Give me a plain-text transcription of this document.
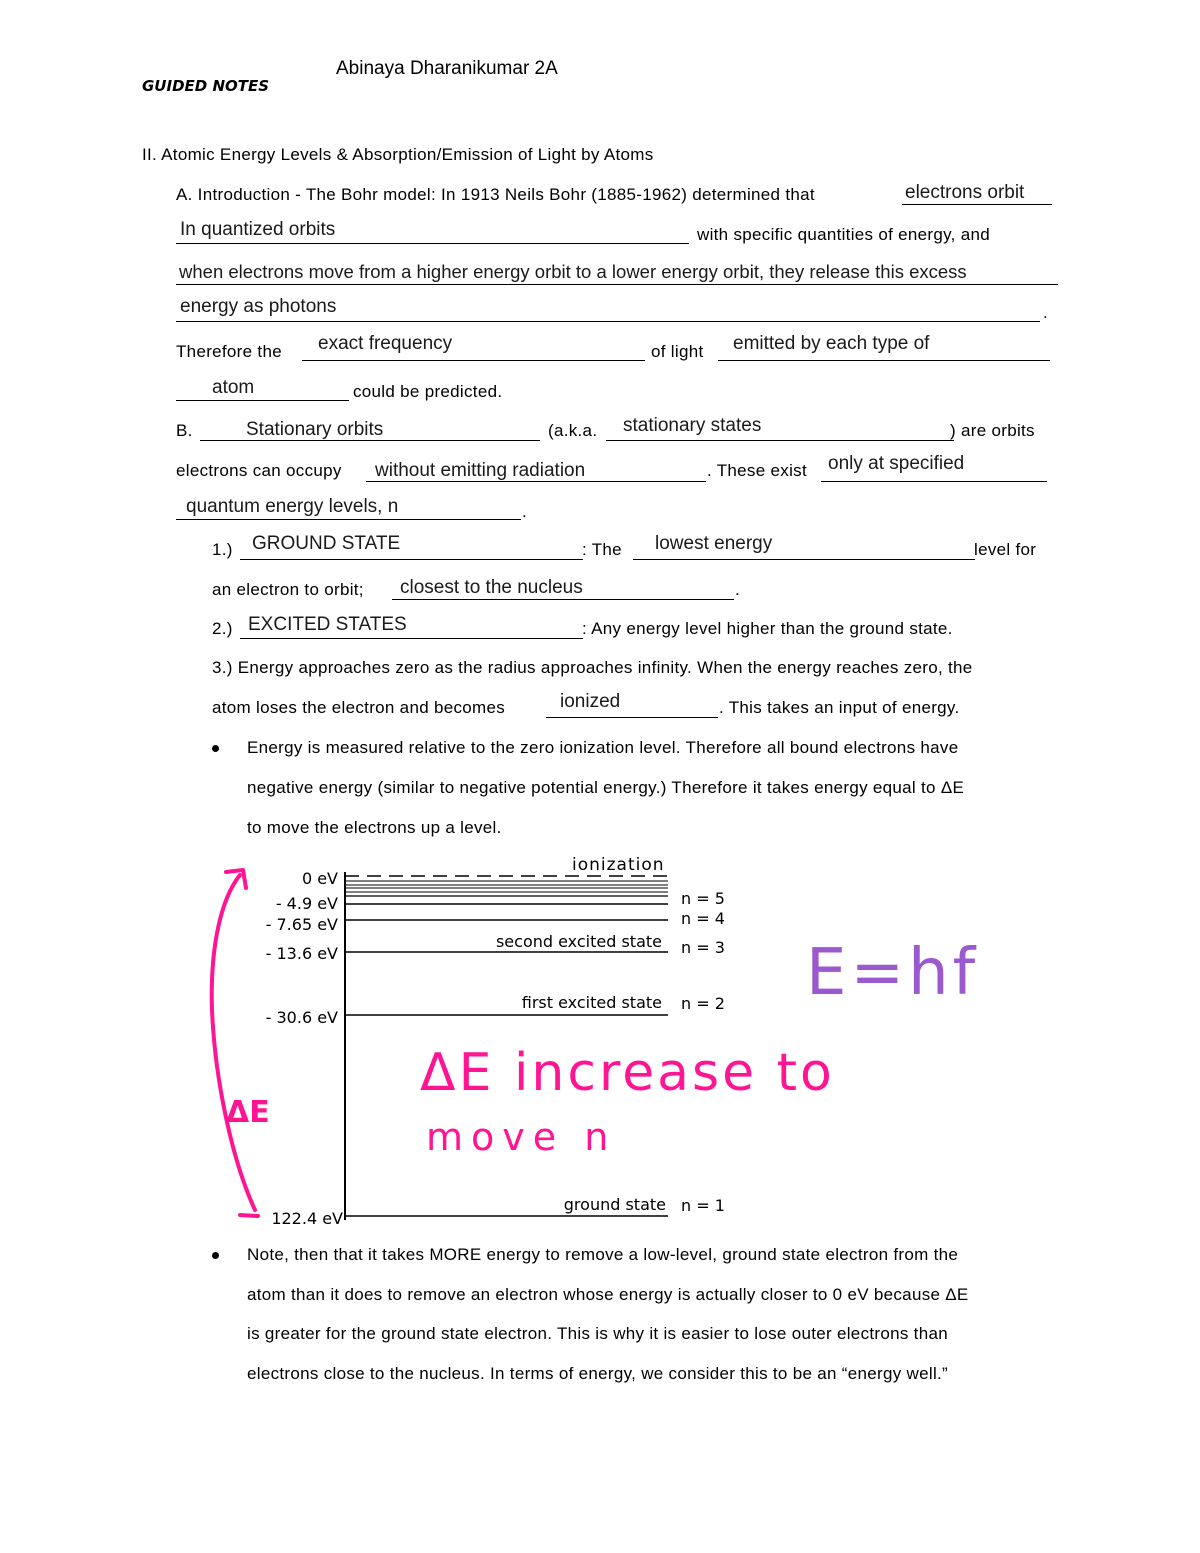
GUIDED NOTES
Abinaya Dharanikumar 2A
II. Atomic Energy Levels & Absorption/Emission of Light by Atoms
A. Introduction - The Bohr model: In 1913 Neils Bohr (1885-1962) determined that	electrons orbit
In quantized orbits	with specific quantities of energy, and
when electrons move from a higher energy orbit to a lower energy orbit, they release this excess
energy as photons	.
Therefore the exact frequency	of light emitted by each type of
atom	could be predicted.
B.	Stationary orbits	(a.k.a. stationary states	) are orbits
electrons can occupy without emitting radiation	. These exist only at specified
quantum energy levels, n	.
1.) GROUND STATE	: The lowest energy	level for
an electron to orbit; closest to the nucleus	.
2.) EXCITED STATES	: Any energy level higher than the ground state.
3.) Energy approaches zero as the radius approaches infinity. When the energy reaches zero, the
atom loses the electron and becomes	ionized	. This takes an input of energy.
Energy is measured relative to the zero ionization level. Therefore all bound electrons have
negative energy (similar to negative potential energy.) Therefore it takes energy equal to ΔE
to move the electrons up a level.
ionization
0 eV
- 4.9 eV
- 7.65 eV
- 13.6 eV
- 30.6 eV
122.4 eV
n = 5
n = 4
n = 3
n = 2
n = 1
second excited state
first excited state
ground state
ΔE
ΔE increase to
move n
E=hf
Note, then that it takes MORE energy to remove a low-level, ground state electron from the
atom than it does to remove an electron whose energy is actually closer to 0 eV because ΔE
is greater for the ground state electron. This is why it is easier to lose outer electrons than
electrons close to the nucleus. In terms of energy, we consider this to be an “energy well.”
